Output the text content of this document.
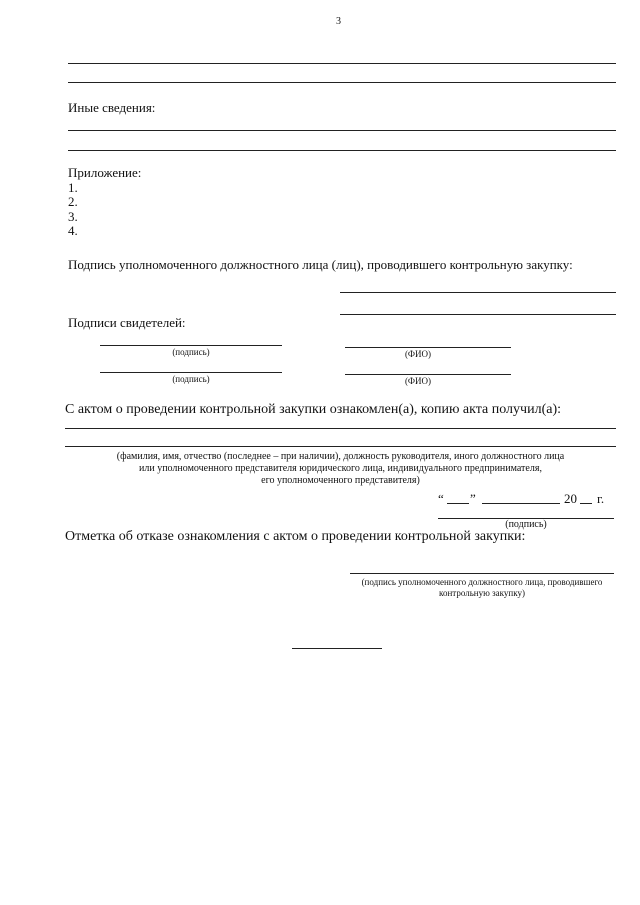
3
Иные сведения:
Приложение:
1.
2.
3.
4.
Подпись уполномоченного должностного лица (лиц), проводившего контрольную закупку:
Подписи свидетелей:
(подпись)	(ФИО)
(подпись)	(ФИО)
С актом о проведении контрольной закупки ознакомлен(а), копию акта получил(а):
(фамилия, имя, отчество (последнее – при наличии), должность руководителя, иного должностного лица
или уполномоченного представителя юридического лица, индивидуального предпринимателя,
его уполномоченного представителя)
“ ”	20 г.
(подпись)
Отметка об отказе ознакомления с актом о проведении контрольной закупки:
(подпись уполномоченного должностного лица, проводившего
контрольную закупку)
